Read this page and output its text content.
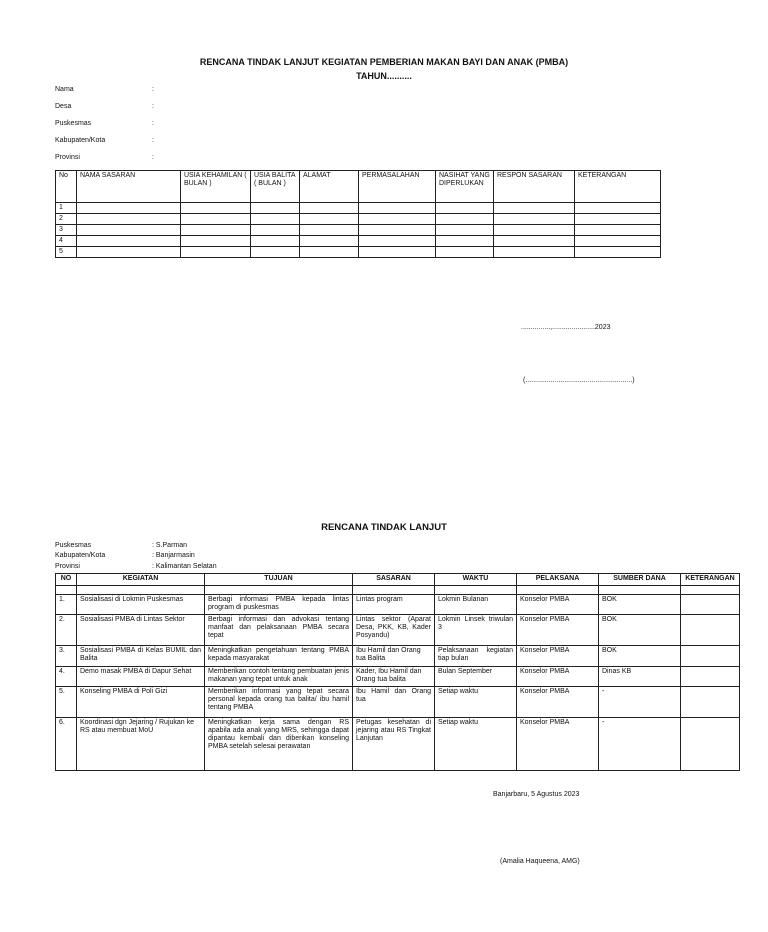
RENCANA TINDAK LANJUT KEGIATAN PEMBERIAN MAKAN BAYI DAN ANAK (PMBA)
TAHUN..........
Nama	:
Desa	:
Puskesmas	:
Kabupaten/Kota	:
Provinsi	:
No	NAMA SASARAN	USIA KEHAMILAN ( BULAN )	USIA BALITA ( BULAN )	ALAMAT	PERMASALAHAN	NASIHAT YANG DIPERLUKAN	RESPON SASARAN	KETERANGAN
1								
2								
3								
4								
5								
...............,......................2023
(.......................................................)
RENCANA TINDAK LANJUT
Puskesmas	: S.Parman
Kabupaten/Kota	: Banjarmasin
Provinsi	: Kalimantan Selatan
NO	KEGIATAN	TUJUAN	SASARAN	WAKTU	PELAKSANA	SUMBER DANA	KETERANGAN

1.	Sosialisasi di Lokmin Puskesmas	Berbagi informasi PMBA kepada lintas program di puskesmas	Lintas program	Lokmin Bulanan	Konselor PMBA	BOK	
2.	Sosialisasi PMBA di Lintas Sektor	Berbagi informasi dan advokasi tentang manfaat dan pelaksanaan PMBA secara tepat	Lintas sektor (Aparat Desa, PKK, KB, Kader Posyandu)	Lokmin Linsek triwulan 3	Konselor PMBA	BOK	
3.	Sosialisasi PMBA di Kelas BUMIL dan Balita	Meningkatkan pengetahuan tentang PMBA kepada masyarakat	Ibu Hamil dan Orang tua Balita	Pelaksanaan kegiatan tiap bulan	Konselor PMBA	BOK	
4.	Demo masak PMBA di Dapur Sehat	Memberikan contoh tentang pembuatan jenis makanan yang tepat untuk anak	Kader, Ibu Hamil dan Orang tua balita	Bulan September	Konselor PMBA	Dinas KB	
5.	Konseling PMBA di Poli Gizi	Memberikan informasi yang tepat secara personal kepada orang tua balita/ ibu hamil tentang PMBA	Ibu Hamil dan Orang tua	Setiap waktu	Konselor PMBA	-	
6.	Koordinasi dgn Jejaring / Rujukan ke RS atau membuat MoU	Meningkatkan kerja sama dengan RS apabila ada anak yang MRS, sehingga dapat dipantau kembali dan diberikan konseling PMBA setelah selesai perawatan	Petugas kesehatan di jejaring atau RS Tingkat Lanjutan	Setiap waktu	Konselor PMBA	-	
Banjarbaru, 5 Agustus 2023
(Amalia Haqueena, AMG)
